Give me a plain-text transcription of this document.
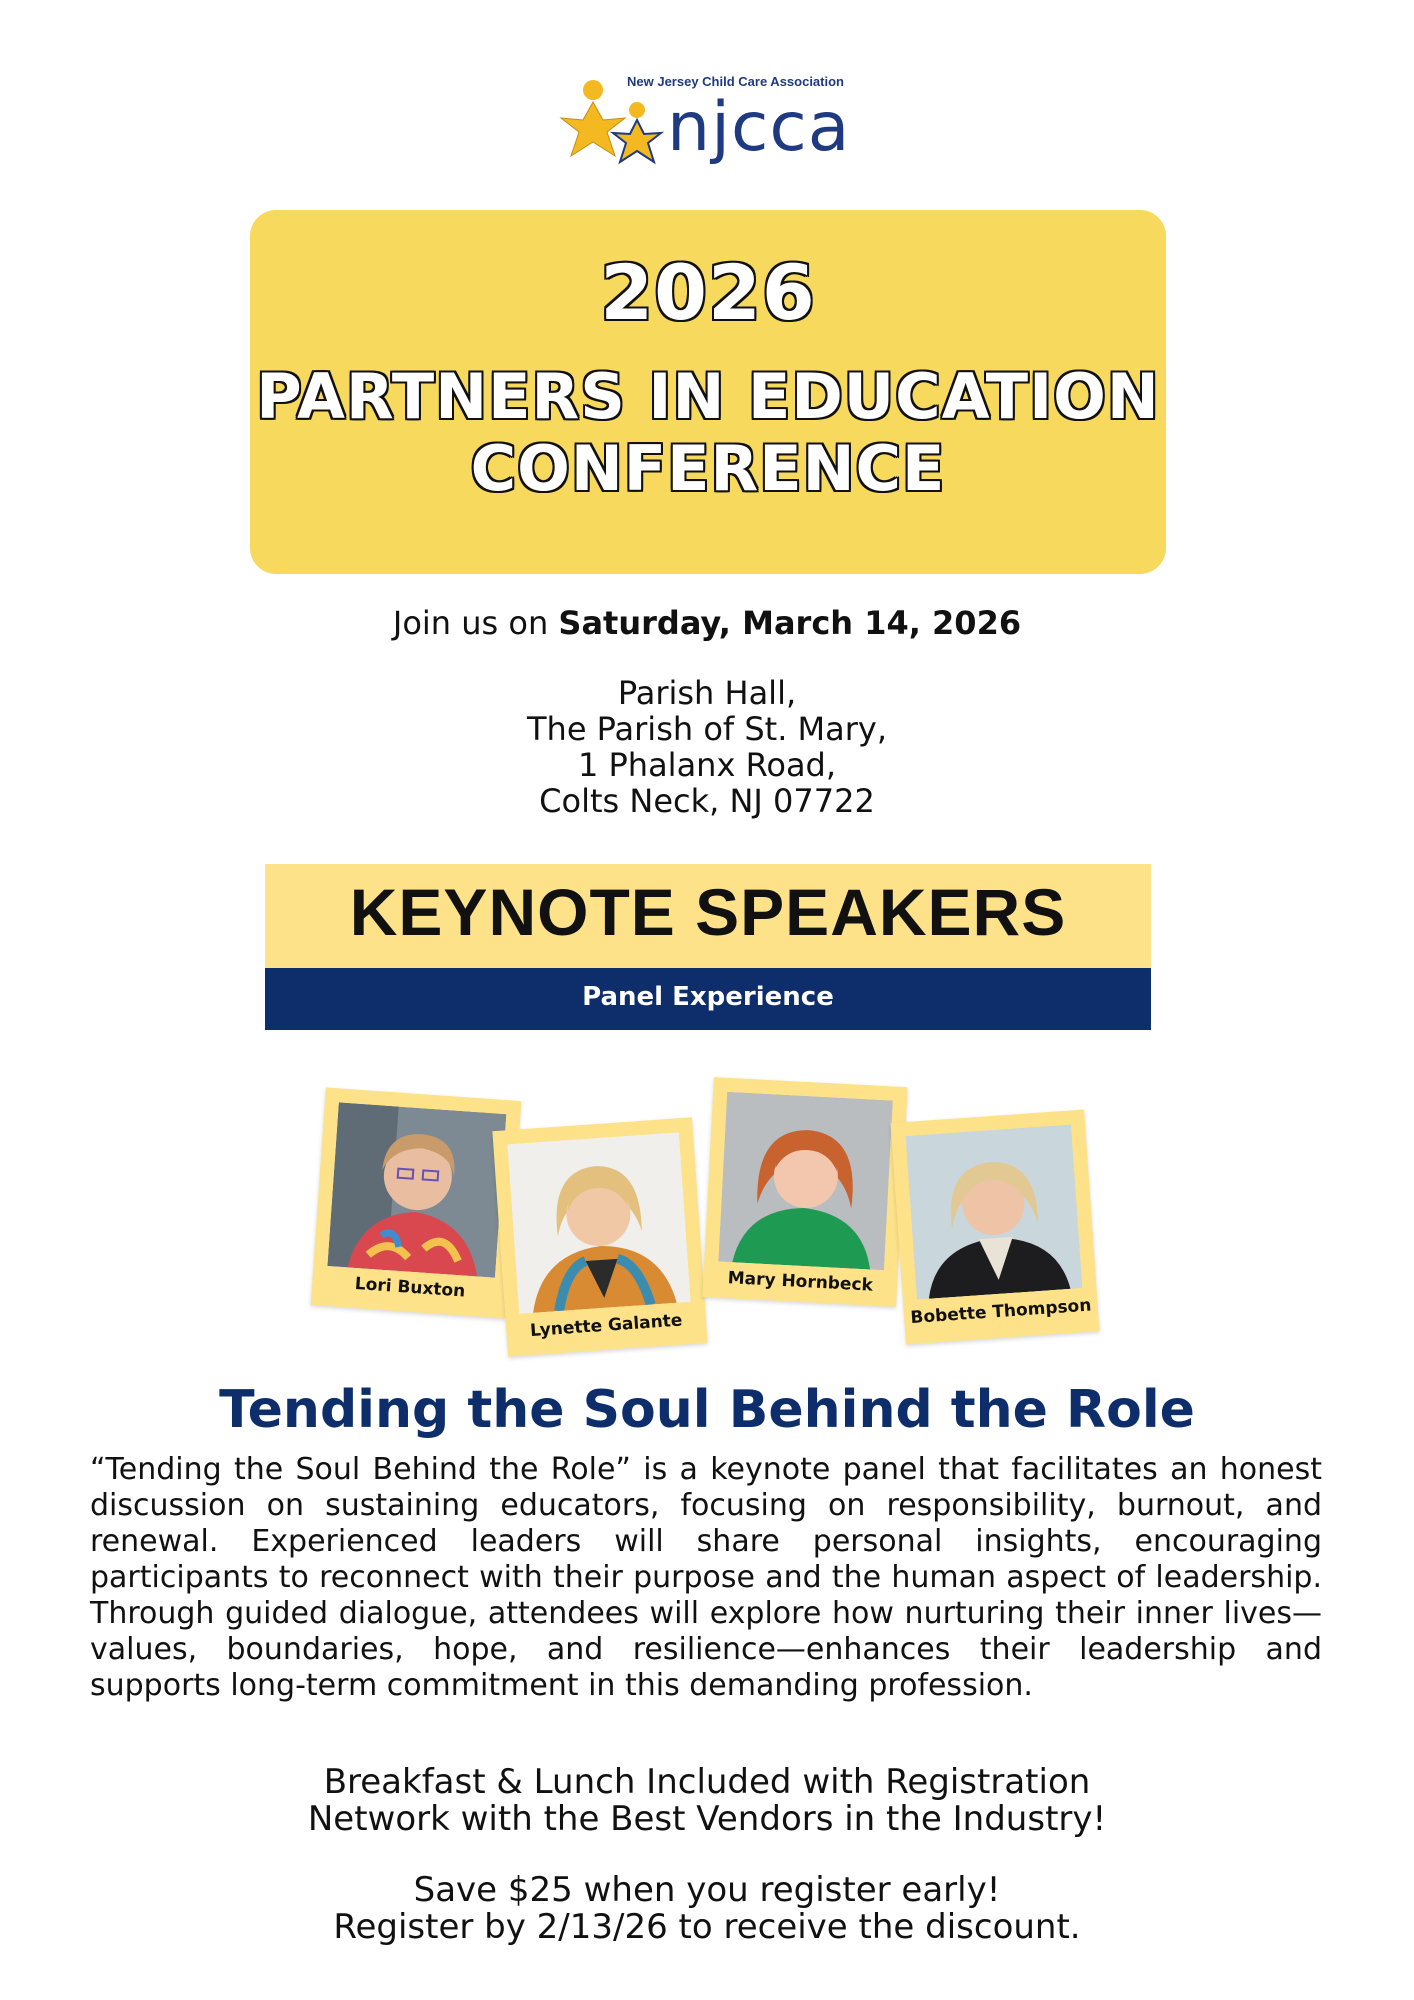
New Jersey Child Care Association
njcca
2026
PARTNERS IN EDUCATION
CONFERENCE
Join us on Saturday, March 14, 2026
Parish Hall,
The Parish of St. Mary,
1 Phalanx Road,
Colts Neck, NJ 07722
KEYNOTE SPEAKERS
Panel Experience
Lori Buxton
Lynette Galante
Mary Hornbeck
Bobette Thompson
Tending the Soul Behind the Role
“Tending the Soul Behind the Role” is a keynote panel that facilitates an honest discussion on sustaining educators, focusing on responsibility, burnout, and renewal. Experienced leaders will share personal insights, encouraging participants to reconnect with their purpose and the human aspect of leadership. Through guided dialogue, attendees will explore how nurturing their inner lives—values, boundaries, hope, and resilience—enhances their leadership and supports long-term commitment in this demanding profession.
Breakfast & Lunch Included with Registration
Network with the Best Vendors in the Industry!
Save $25 when you register early!
Register by 2/13/26 to receive the discount.
